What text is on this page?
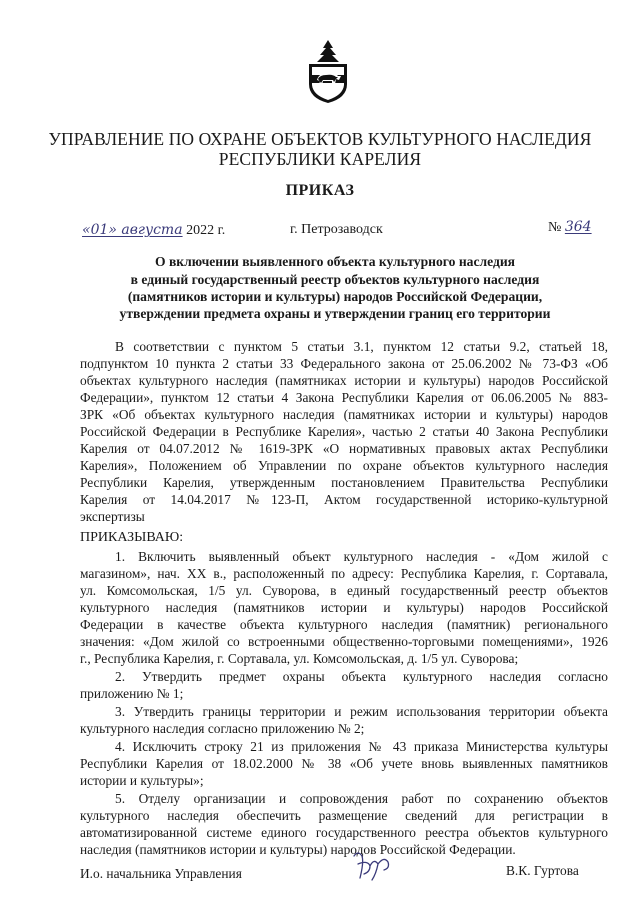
УПРАВЛЕНИЕ ПО ОХРАНЕ ОБЪЕКТОВ КУЛЬТУРНОГО НАСЛЕДИЯ
РЕСПУБЛИКИ КАРЕЛИЯ
ПРИКАЗ
«01» августа 2022 г.	г. Петрозаводск	№ 364
О включении выявленного объекта культурного наследия
в единый государственный реестр объектов культурного наследия
(памятников истории и культуры) народов Российской Федерации,
утверждении предмета охраны и утверждении границ его территории
В соответствии с пунктом 5 статьи 3.1, пунктом 12 статьи 9.2, статьей 18,
подпунктом 10 пункта 2 статьи 33 Федерального закона от 25.06.2002 № 73-ФЗ «Об
объектах культурного наследия (памятниках истории и культуры) народов Российской
Федерации», пунктом 12 статьи 4 Закона Республики Карелия от 06.06.2005 № 883-
ЗРК «Об объектах культурного наследия (памятниках истории и культуры) народов
Российской Федерации в Республике Карелия», частью 2 статьи 40 Закона Республики
Карелия от 04.07.2012 № 1619-ЗРК «О нормативных правовых актах Республики
Карелия», Положением об Управлении по охране объектов культурного наследия
Республики Карелия, утвержденным постановлением Правительства Республики
Карелия от 14.04.2017 №123-П, Актом государственной историко-культурной
экспертизы
ПРИКАЗЫВАЮ:
1. Включить выявленный объект культурного наследия - «Дом жилой с
магазином», нач. XX в., расположенный по адресу: Республика Карелия, г. Сортавала,
ул. Комсомольская, 1/5 ул. Суворова, в единый государственный реестр объектов
культурного наследия (памятников истории и культуры) народов Российской
Федерации в качестве объекта культурного наследия (памятник) регионального
значения: «Дом жилой со встроенными общественно-торговыми помещениями», 1926
г., Республика Карелия, г. Сортавала, ул. Комсомольская, д. 1/5 ул. Суворова;
2. Утвердить предмет охраны объекта культурного наследия согласно
приложению № 1;
3. Утвердить границы территории и режим использования территории объекта
культурного наследия согласно приложению № 2;
4. Исключить строку 21 из приложения № 43 приказа Министерства культуры
Республики Карелия от 18.02.2000 № 38 «Об учете вновь выявленных памятников
истории и культуры»;
5. Отделу организации и сопровождения работ по сохранению объектов
культурного наследия обеспечить размещение сведений для регистрации в
автоматизированной системе единого государственного реестра объектов культурного
наследия (памятников истории и культуры) народов Российской Федерации.
И.о. начальника Управления	В.К. Гуртова
